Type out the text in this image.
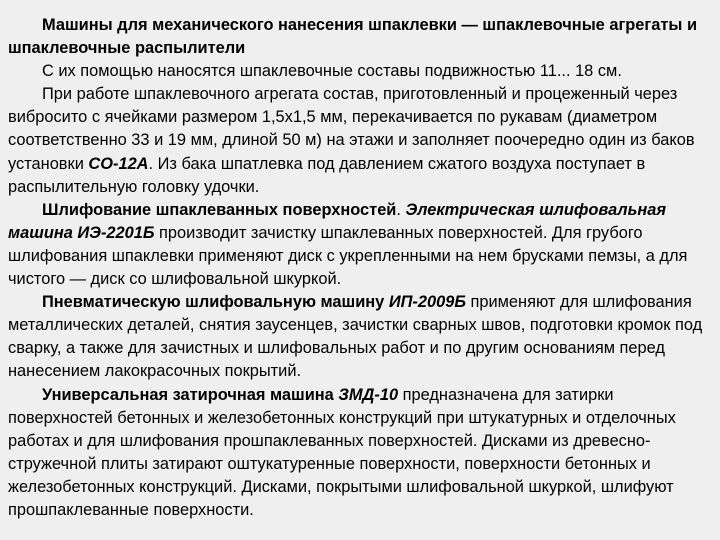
Машины для механического нанесения шпаклевки — шпаклевочные агрегаты и шпаклевочные распылители

С их помощью наносятся шпаклевочные составы подвижностью 11... 18 см.

При работе шпаклевочного агрегата состав, приготовленный и процеженный через вибросито с ячейками размером 1,5х1,5 мм, перекачивается по рукавам (диаметром соответственно 33 и 19 мм, длиной 50 м) на этажи и заполняет поочередно один из баков установки СО-12А. Из бака шпатлевка под давлением сжатого воздуха поступает в распылительную головку удочки.

Шлифование шпаклеванных поверхностей. Электрическая шлифовальная машина ИЭ-2201Б производит зачистку шпаклеванных поверхностей. Для грубого шлифования шпаклевки применяют диск с укрепленными на нем брусками пемзы, а для чистого — диск со шлифовальной шкуркой.

Пневматическую шлифовальную машину ИП-2009Б применяют для шлифования металлических деталей, снятия заусенцев, зачистки сварных швов, подготовки кромок под сварку, а также для зачистных и шлифовальных работ и по другим основаниям перед нанесением лакокрасочных покрытий.

Универсальная затирочная машина ЗМД-10 предназначена для затирки поверхностей бетонных и железобетонных конструкций при штукатурных и отделочных работах и для шлифования прошпаклеванных поверхностей. Дисками из древесно-стружечной плиты затирают оштукатуренные поверхности, поверхности бетонных и железобетонных конструкций. Дисками, покрытыми шлифовальной шкуркой, шлифуют прошпаклеванные поверхности.
